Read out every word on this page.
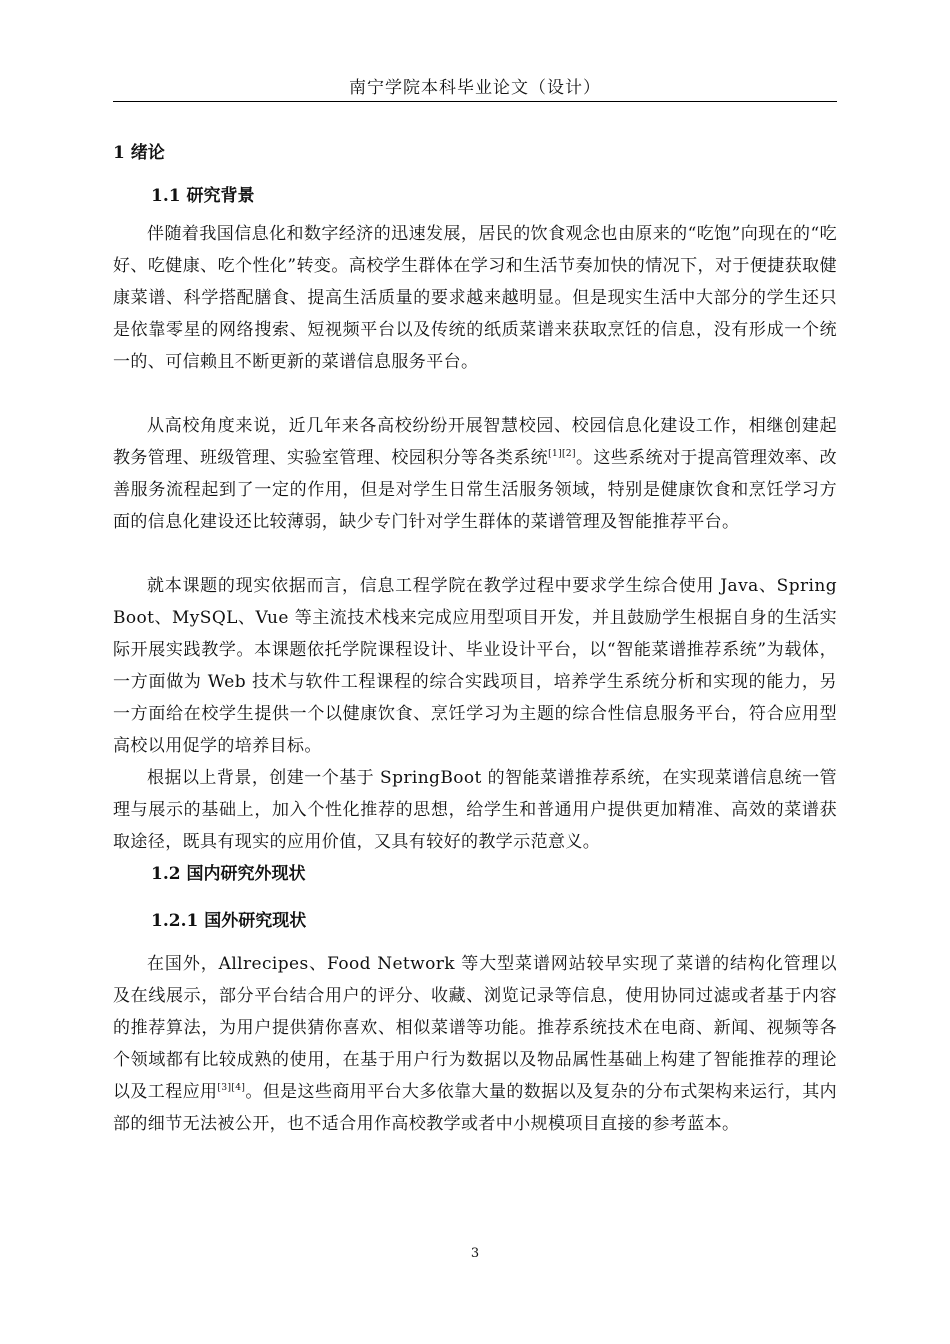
南宁学院本科毕业论文（设计）
1 绪论
1.1 研究背景

伴随着我国信息化和数字经济的迅速发展，居民的饮食观念也由原来的“吃饱”向现在的“吃好、吃健康、吃个性化”转变。高校学生群体在学习和生活节奏加快的情况下，对于便捷获取健康菜谱、科学搭配膳食、提高生活质量的要求越来越明显。但是现实生活中大部分的学生还只是依靠零星的网络搜索、短视频平台以及传统的纸质菜谱来获取烹饪的信息，没有形成一个统一的、可信赖且不断更新的菜谱信息服务平台。

从高校角度来说，近几年来各高校纷纷开展智慧校园、校园信息化建设工作，相继创建起教务管理、班级管理、实验室管理、校园积分等各类系统[1][2]。这些系统对于提高管理效率、改善服务流程起到了一定的作用，但是对学生日常生活服务领域，特别是健康饮食和烹饪学习方面的信息化建设还比较薄弱，缺少专门针对学生群体的菜谱管理及智能推荐平台。

就本课题的现实依据而言，信息工程学院在教学过程中要求学生综合使用 Java、Spring Boot、MySQL、Vue 等主流技术栈来完成应用型项目开发，并且鼓励学生根据自身的生活实际开展实践教学。本课题依托学院课程设计、毕业设计平台，以“智能菜谱推荐系统”为载体，一方面做为 Web 技术与软件工程课程的综合实践项目，培养学生系统分析和实现的能力，另一方面给在校学生提供一个以健康饮食、烹饪学习为主题的综合性信息服务平台，符合应用型高校以用促学的培养目标。

根据以上背景，创建一个基于 SpringBoot 的智能菜谱推荐系统，在实现菜谱信息统一管理与展示的基础上，加入个性化推荐的思想，给学生和普通用户提供更加精准、高效的菜谱获取途径，既具有现实的应用价值，又具有较好的教学示范意义。

1.2 国内研究外现状
1.2.1 国外研究现状

在国外，Allrecipes、Food Network 等大型菜谱网站较早实现了菜谱的结构化管理以及在线展示，部分平台结合用户的评分、收藏、浏览记录等信息，使用协同过滤或者基于内容的推荐算法，为用户提供猜你喜欢、相似菜谱等功能。推荐系统技术在电商、新闻、视频等各个领域都有比较成熟的使用，在基于用户行为数据以及物品属性基础上构建了智能推荐的理论以及工程应用[3][4]。但是这些商用平台大多依靠大量的数据以及复杂的分布式架构来运行，其内部的细节无法被公开，也不适合用作高校教学或者中小规模项目直接的参考蓝本。

3
